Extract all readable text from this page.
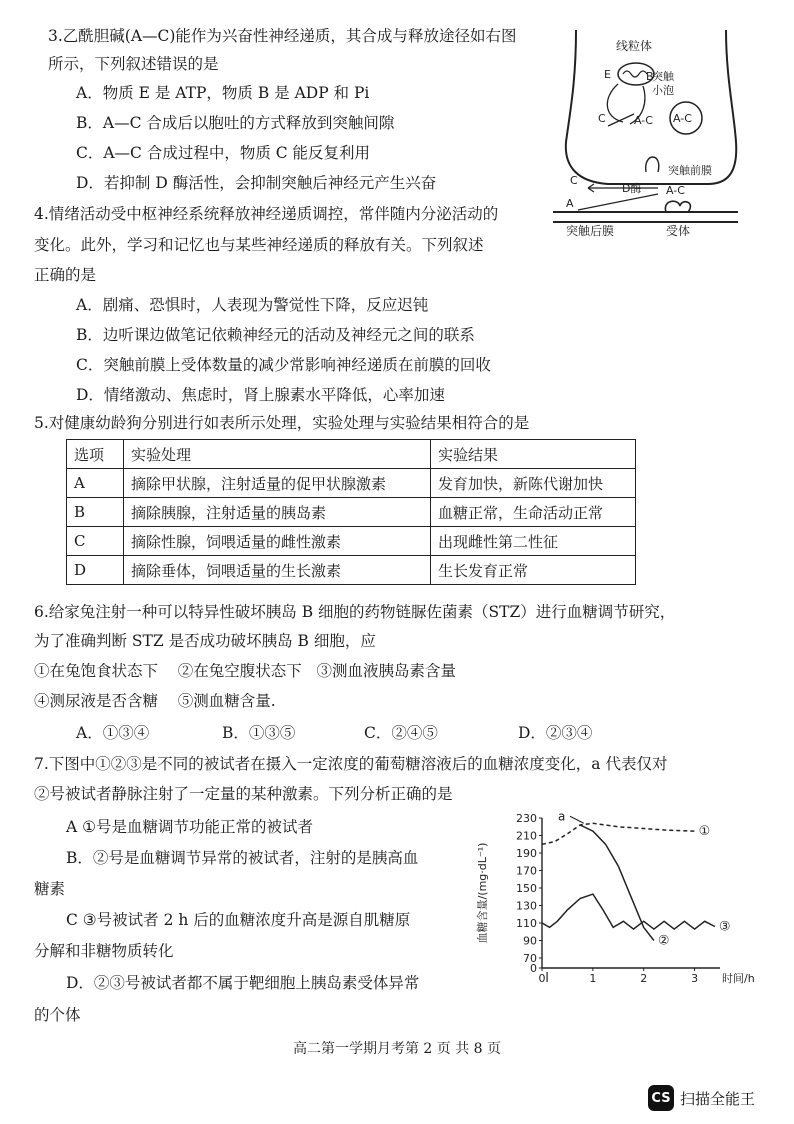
3.乙酰胆碱(A—C)能作为兴奋性神经递质，其合成与释放途径如右图
所示，下列叙述错误的是
A．物质 E 是 ATP，物质 B 是 ADP 和 Pi
B．A—C 合成后以胞吐的方式释放到突触间隙
C．A—C 合成过程中，物质 C 能反复利用
D．若抑制 D 酶活性，会抑制突触后神经元产生兴奋
线粒体
E	B
C	A-C A-C
突触
小泡
突触前膜
C
D酶 A-C
A
突触后膜	受体
4.情绪活动受中枢神经系统释放神经递质调控，常伴随内分泌活动的
变化。此外，学习和记忆也与某些神经递质的释放有关。下列叙述
正确的是
A．剧痛、恐惧时，人表现为警觉性下降，反应迟钝
B．边听课边做笔记依赖神经元的活动及神经元之间的联系
C．突触前膜上受体数量的减少常影响神经递质在前膜的回收
D．情绪激动、焦虑时，肾上腺素水平降低，心率加速
5.对健康幼龄狗分别进行如表所示处理，实验处理与实验结果相符合的是
选项	实验处理	实验结果
A	摘除甲状腺，注射适量的促甲状腺激素	发育加快，新陈代谢加快
B	摘除胰腺，注射适量的胰岛素	血糖正常，生命活动正常
C	摘除性腺，饲喂适量的雌性激素	出现雌性第二性征
D	摘除垂体，饲喂适量的生长激素	生长发育正常
6.给家兔注射一种可以特异性破坏胰岛 B 细胞的药物链脲佐菌素（STZ）进行血糖调节研究，
为了准确判断 STZ 是否成功破坏胰岛 B 细胞，应
①在兔饱食状态下    ②在兔空腹状态下   ③测血液胰岛素含量
④测尿液是否含糖    ⑤测血糖含量.
A．①③④	B．①③⑤	C．②④⑤	D．②③④
7.下图中①②③是不同的被试者在摄入一定浓度的葡萄糖溶液后的血糖浓度变化，a 代表仅对
②号被试者静脉注射了一定量的某种激素。下列分析正确的是
A ①号是血糖调节功能正常的被试者
B．②号是血糖调节异常的被试者，注射的是胰高血
糖素
C ③号被试者 2 h 后的血糖浓度升高是源自肌糖原
分解和非糖物质转化
D．②③号被试者都不属于靶细胞上胰岛素受体异常
的个体
0
70
90
110
130
150
170
190
210
230
0	1	2	3 时间/h
血糖含量/(mg·dL⁻¹)
①
②
③
a
高二第一学期月考第 2 页 共 8 页
CS 扫描全能王
